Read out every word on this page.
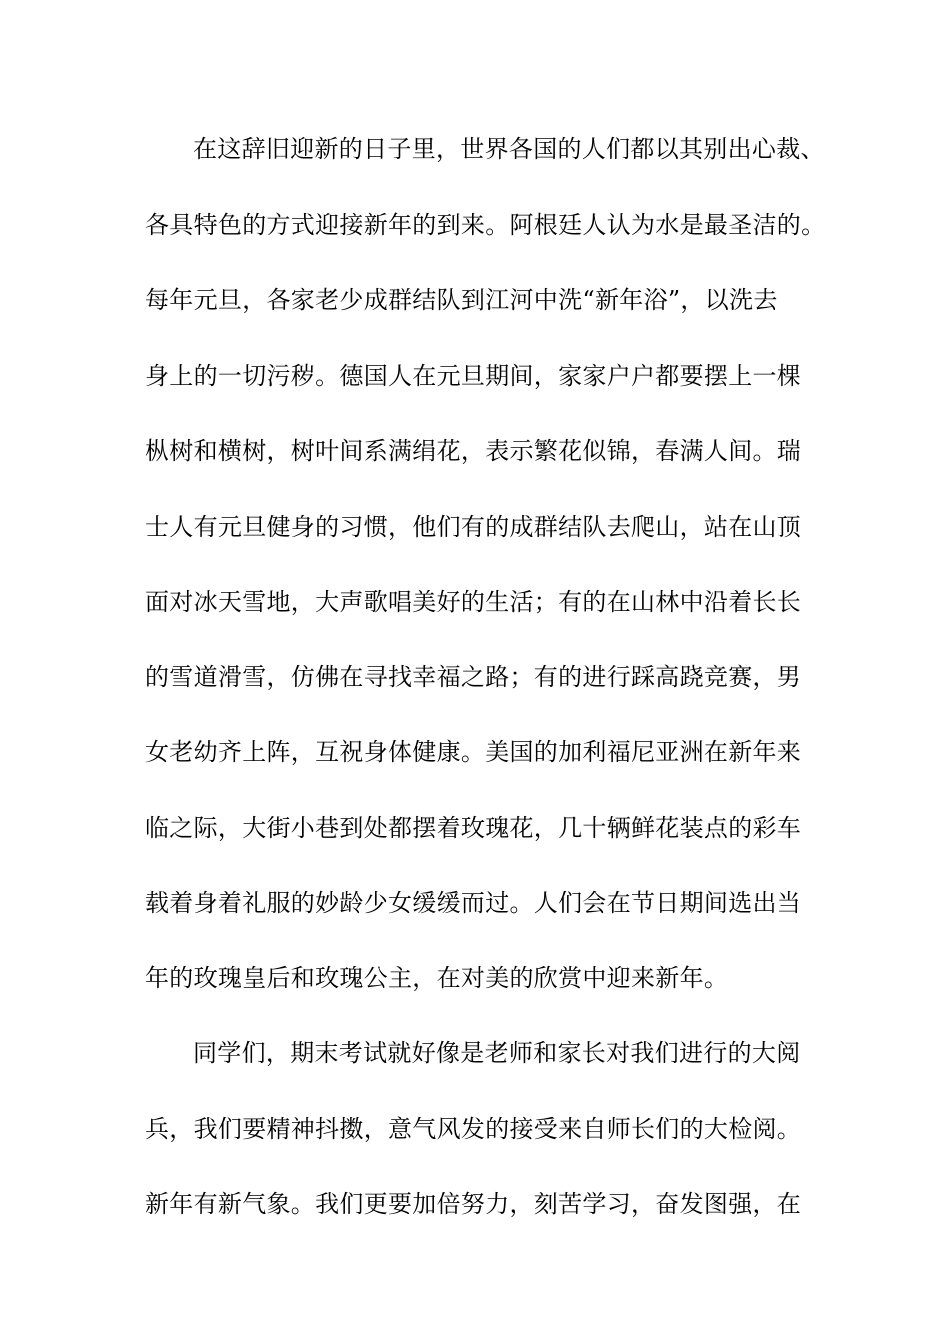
在这辞旧迎新的日子里，世界各国的人们都以其别出心裁、
各具特色的方式迎接新年的到来。阿根廷人认为水是最圣洁的。
每年元旦，各家老少成群结队到江河中洗“新年浴”，以洗去
身上的一切污秽。德国人在元旦期间，家家户户都要摆上一棵
枞树和横树，树叶间系满绢花，表示繁花似锦，春满人间。瑞
士人有元旦健身的习惯，他们有的成群结队去爬山，站在山顶
面对冰天雪地，大声歌唱美好的生活；有的在山林中沿着长长
的雪道滑雪，仿佛在寻找幸福之路；有的进行踩高跷竞赛，男
女老幼齐上阵，互祝身体健康。美国的加利福尼亚洲在新年来
临之际，大街小巷到处都摆着玫瑰花，几十辆鲜花装点的彩车
载着身着礼服的妙龄少女缓缓而过。人们会在节日期间选出当
年的玫瑰皇后和玫瑰公主，在对美的欣赏中迎来新年。
同学们，期末考试就好像是老师和家长对我们进行的大阅
兵，我们要精神抖擞，意气风发的接受来自师长们的大检阅。
新年有新气象。我们更要加倍努力，刻苦学习，奋发图强，在
